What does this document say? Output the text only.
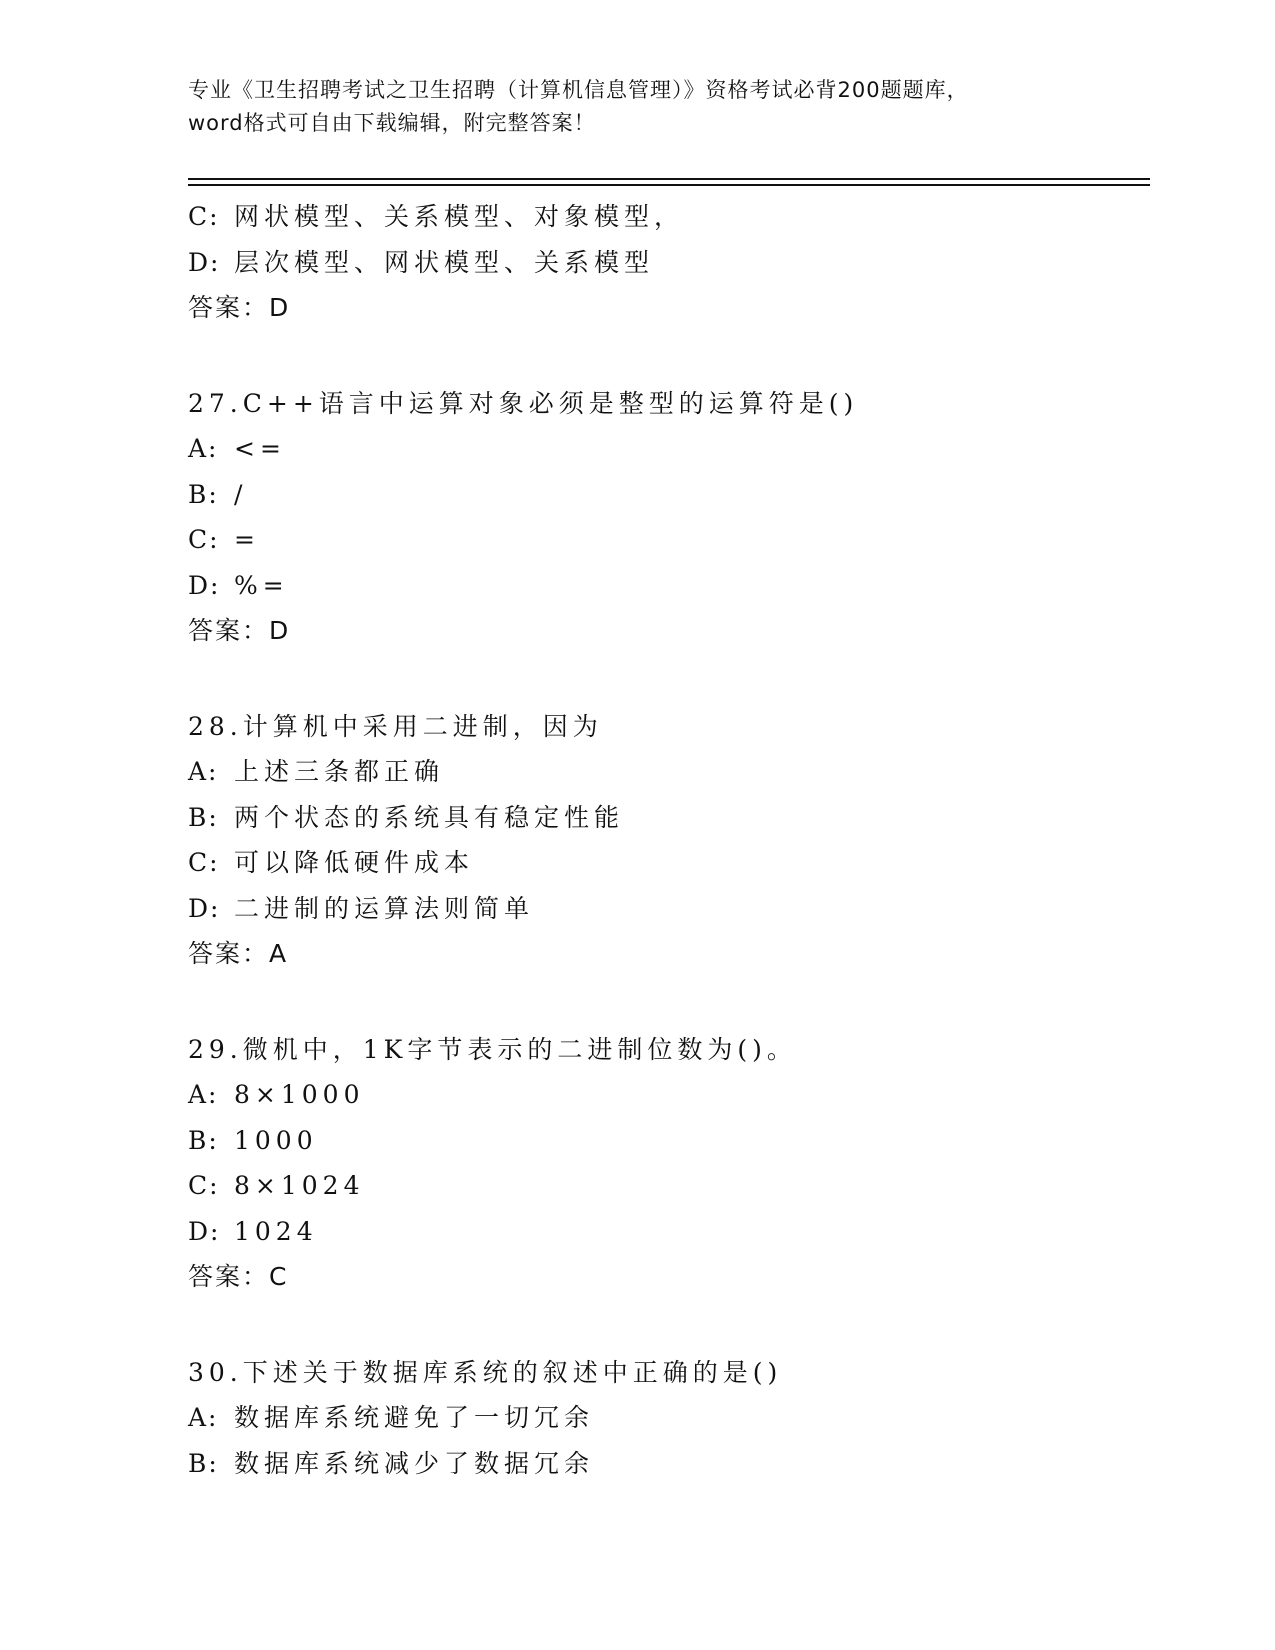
专业《卫生招聘考试之卫生招聘（计算机信息管理）》资格考试必背200题题库，
word格式可自由下载编辑，附完整答案！
C: 网状模型、关系模型、对象模型，
D: 层次模型、网状模型、关系模型
答案：D
27.C++语言中运算对象必须是整型的运算符是()
A: <=
B: /
C: =
D: %=
答案：D
28.计算机中采用二进制，因为
A: 上述三条都正确
B: 两个状态的系统具有稳定性能
C: 可以降低硬件成本
D: 二进制的运算法则简单
答案：A
29.微机中，1K字节表示的二进制位数为()。
A: 8×1000
B: 1000
C: 8×1024
D: 1024
答案：C
30.下述关于数据库系统的叙述中正确的是()
A: 数据库系统避免了一切冗余
B: 数据库系统减少了数据冗余
